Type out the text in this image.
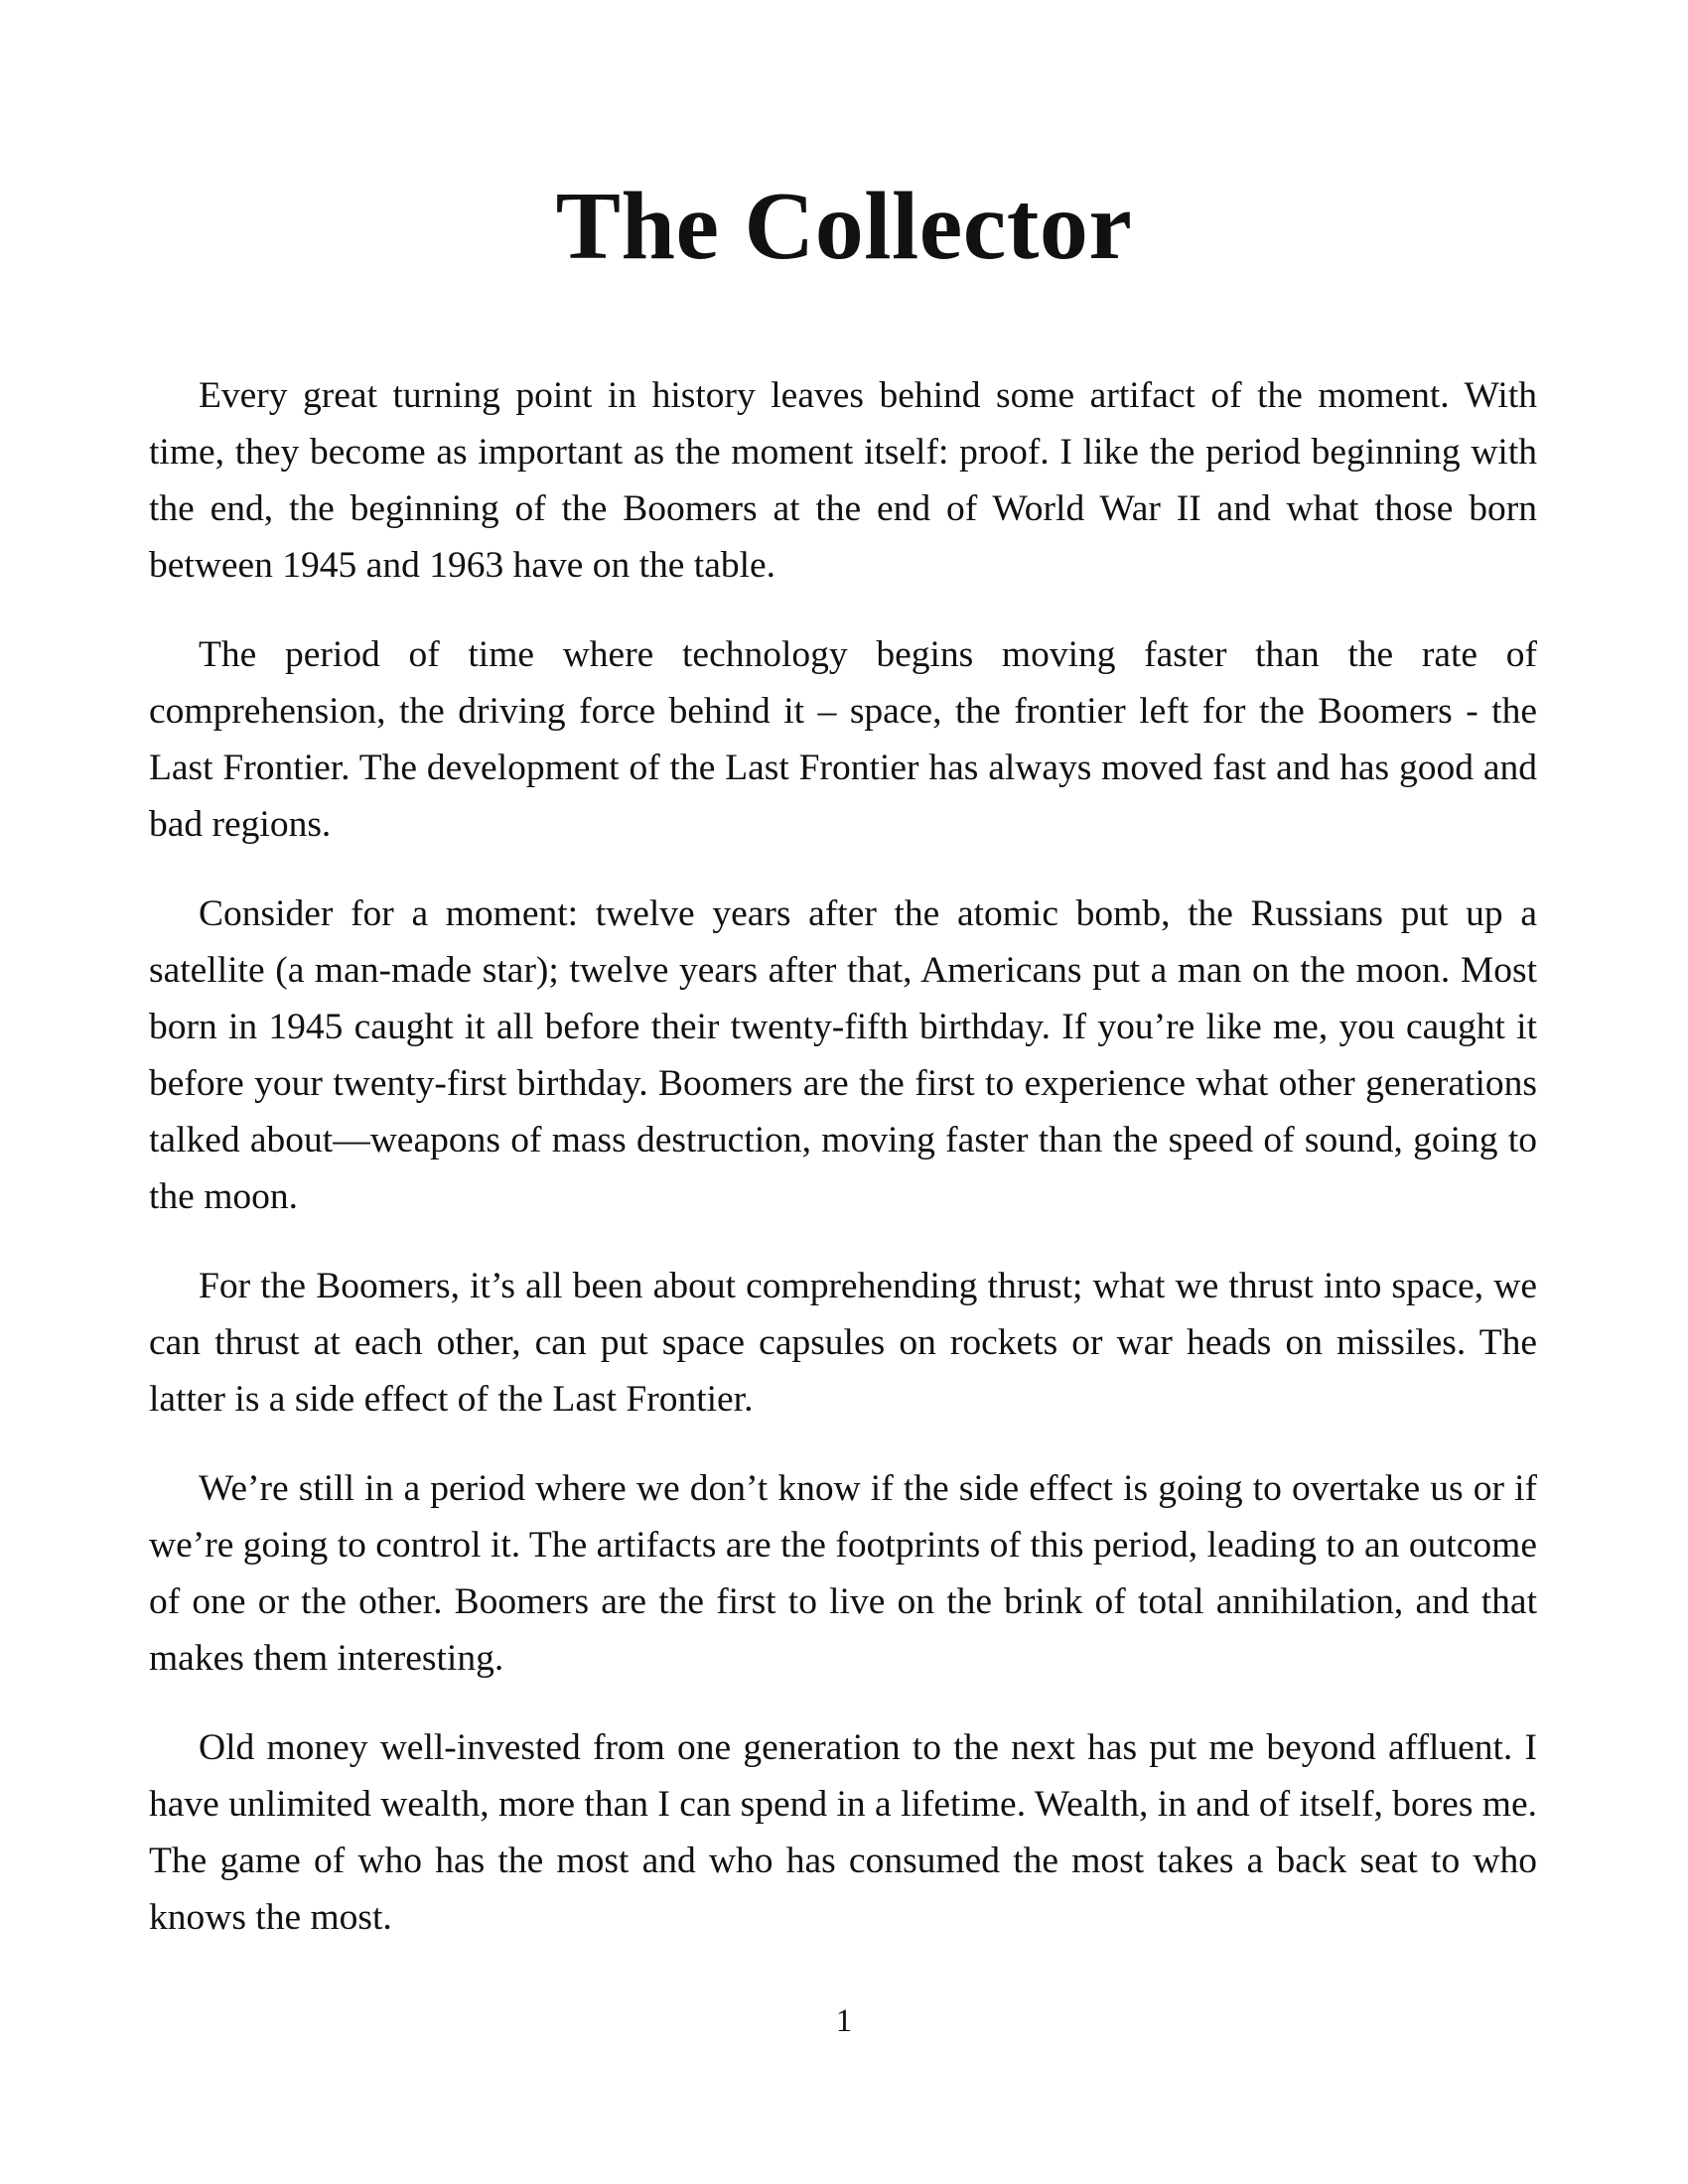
The Collector

Every great turning point in history leaves behind some artifact of the moment. With time, they become as important as the moment itself: proof. I like the period beginning with the end, the beginning of the Boomers at the end of World War II and what those born between 1945 and 1963 have on the table.

The period of time where technology begins moving faster than the rate of comprehension, the driving force behind it – space, the frontier left for the Boomers - the Last Frontier. The development of the Last Frontier has always moved fast and has good and bad regions.

Consider for a moment: twelve years after the atomic bomb, the Russians put up a satellite (a man-made star); twelve years after that, Americans put a man on the moon. Most born in 1945 caught it all before their twenty-fifth birthday. If you’re like me, you caught it before your twenty-first birthday. Boomers are the first to experience what other generations talked about—weapons of mass destruction, moving faster than the speed of sound, going to the moon.

For the Boomers, it’s all been about comprehending thrust; what we thrust into space, we can thrust at each other, can put space capsules on rockets or war heads on missiles. The latter is a side effect of the Last Frontier.

We’re still in a period where we don’t know if the side effect is going to overtake us or if we’re going to control it. The artifacts are the footprints of this period, leading to an outcome of one or the other. Boomers are the first to live on the brink of total annihilation, and that makes them interesting.

Old money well-invested from one generation to the next has put me beyond affluent. I have unlimited wealth, more than I can spend in a lifetime. Wealth, in and of itself, bores me. The game of who has the most and who has consumed the most takes a back seat to who knows the most.

1
